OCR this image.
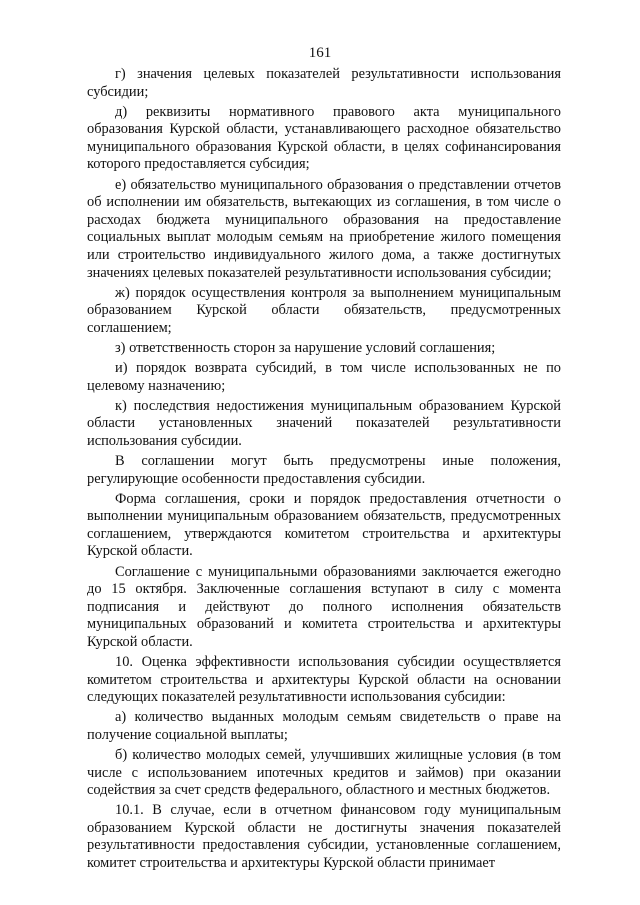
161

г) значения целевых показателей результативности использования субсидии;

д) реквизиты нормативного правового акта муниципального образования Курской области, устанавливающего расходное обязательство муниципального образования Курской области, в целях софинансирования которого предоставляется субсидия;

е) обязательство муниципального образования о представлении отчетов об исполнении им обязательств, вытекающих из соглашения, в том числе о расходах бюджета муниципального образования на предоставление социальных выплат молодым семьям на приобретение жилого помещения или строительство индивидуального жилого дома, а также достигнутых значениях целевых показателей результативности использования субсидии;

ж) порядок осуществления контроля за выполнением муниципальным образованием Курской области обязательств, предусмотренных соглашением;

з) ответственность сторон за нарушение условий соглашения;

и) порядок возврата субсидий, в том числе использованных не по целевому назначению;

к) последствия недостижения муниципальным образованием Курской области установленных значений показателей результативности использования субсидии.

В соглашении могут быть предусмотрены иные положения, регулирующие особенности предоставления субсидии.

Форма соглашения, сроки и порядок предоставления отчетности о выполнении муниципальным образованием обязательств, предусмотренных соглашением, утверждаются комитетом строительства и архитектуры Курской области.

Соглашение с муниципальными образованиями заключается ежегодно до 15 октября. Заключенные соглашения вступают в силу с момента подписания и действуют до полного исполнения обязательств муниципальных образований и комитета строительства и архитектуры Курской области.

10. Оценка эффективности использования субсидии осуществляется комитетом строительства и архитектуры Курской области на основании следующих показателей результативности использования субсидии:

а) количество выданных молодым семьям свидетельств о праве на получение социальной выплаты;

б) количество молодых семей, улучшивших жилищные условия (в том числе с использованием ипотечных кредитов и займов) при оказании содействия за счет средств федерального, областного и местных бюджетов.

10.1. В случае, если в отчетном финансовом году муниципальным образованием Курской области не достигнуты значения показателей результативности предоставления субсидии, установленные соглашением, комитет строительства и архитектуры Курской области принимает
